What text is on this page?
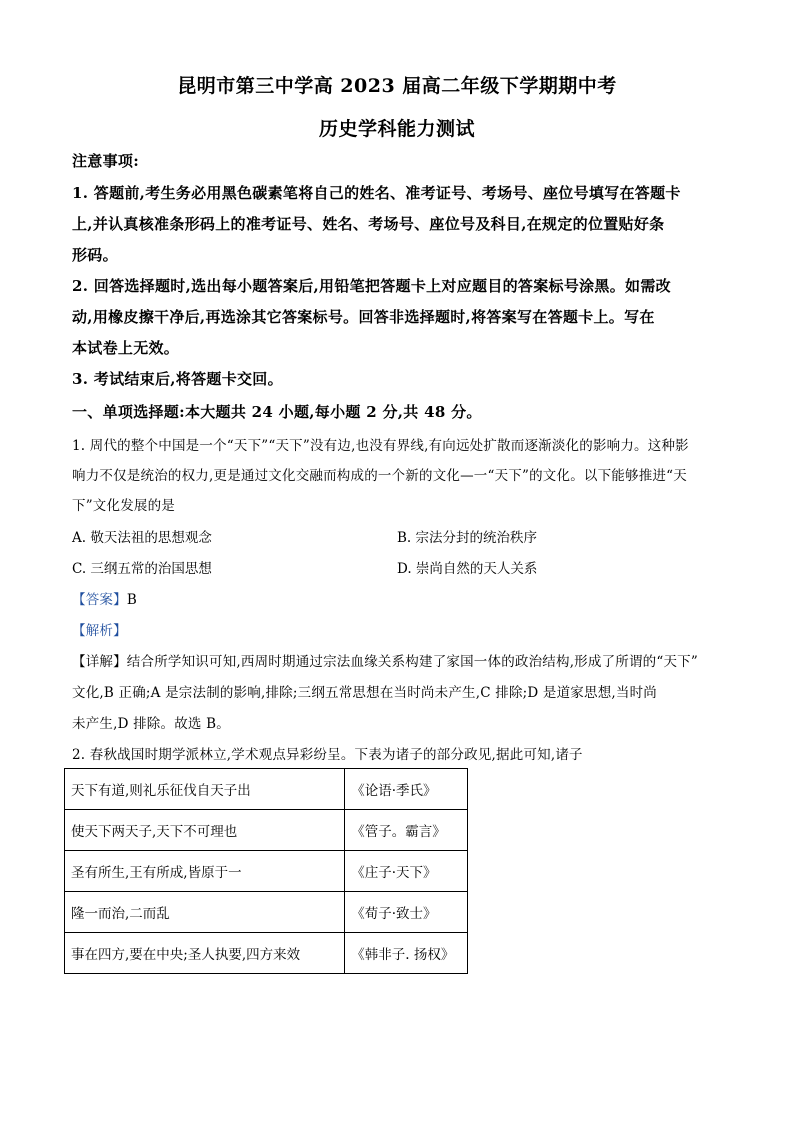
昆明市第三中学高 2023 届高二年级下学期期中考
历史学科能力测试
注意事项:
1. 答题前,考生务必用黑色碳素笔将自己的姓名、准考证号、考场号、座位号填写在答题卡
上,并认真核准条形码上的准考证号、姓名、考场号、座位号及科目,在规定的位置贴好条
形码。
2. 回答选择题时,选出每小题答案后,用铅笔把答题卡上对应题目的答案标号涂黑。如需改
动,用橡皮擦干净后,再选涂其它答案标号。回答非选择题时,将答案写在答题卡上。写在
本试卷上无效。
3. 考试结束后,将答题卡交回。
一、单项选择题:本大题共 24 小题,每小题 2 分,共 48 分。
1. 周代的整个中国是一个“天下”“天下”没有边,也没有界线,有向远处扩散而逐渐淡化的影响力。这种影
响力不仅是统治的权力,更是通过文化交融而构成的一个新的文化—一“天下”的文化。以下能够推进“天
下”文化发展的是
A. 敬天法祖的思想观念	B. 宗法分封的统治秩序
C. 三纲五常的治国思想	D. 崇尚自然的天人关系
【答案】B
【解析】
【详解】结合所学知识可知,西周时期通过宗法血缘关系构建了家国一体的政治结构,形成了所谓的“天下”
文化,B 正确;A 是宗法制的影响,排除;三纲五常思想在当时尚未产生,C 排除;D 是道家思想,当时尚
未产生,D 排除。故选 B。
2. 春秋战国时期学派林立,学术观点异彩纷呈。下表为诸子的部分政见,据此可知,诸子
天下有道,则礼乐征伐自天子出	《论语·季氏》
使天下两天子,天下不可理也	《管子。霸言》
圣有所生,王有所成,皆原于一	《庄子·天下》
隆一而治,二而乱	《荀子·致士》
事在四方,要在中央;圣人执要,四方来效	《韩非子. 扬权》
